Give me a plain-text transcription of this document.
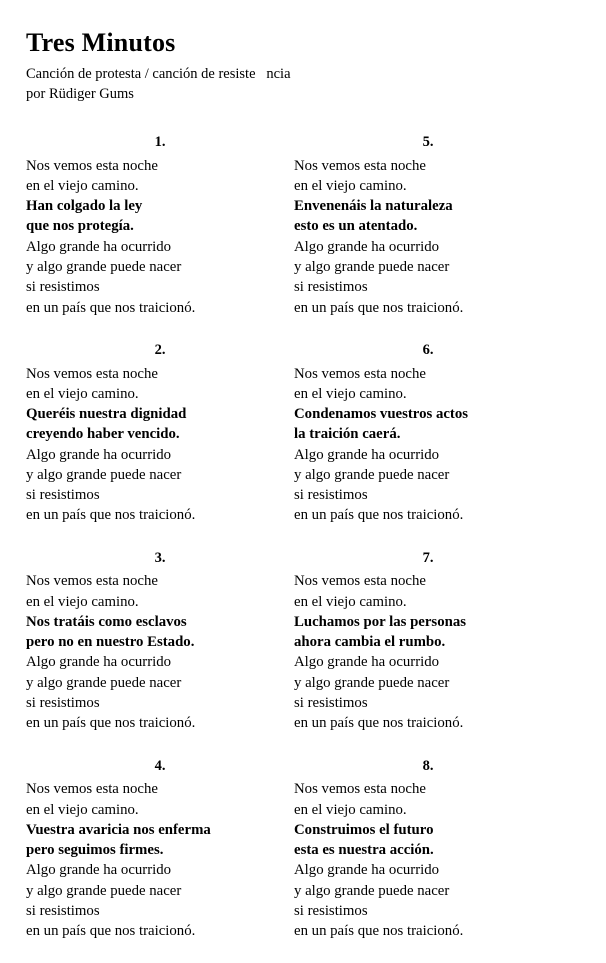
Tres Minutos
Canción de protesta / canción de resiste   ncia
por Rüdiger Gums
1.
Nos vemos esta noche
en el viejo camino.
Han colgado la ley
que nos protegía.
Algo grande ha ocurrido
y algo grande puede nacer
si resistimos
en un país que nos traicionó.
2.
Nos vemos esta noche
en el viejo camino.
Queréis nuestra dignidad
creyendo haber vencido.
Algo grande ha ocurrido
y algo grande puede nacer
si resistimos
en un país que nos traicionó.
3.
Nos vemos esta noche
en el viejo camino.
Nos tratáis como esclavos
pero no en nuestro Estado.
Algo grande ha ocurrido
y algo grande puede nacer
si resistimos
en un país que nos traicionó.
4.
Nos vemos esta noche
en el viejo camino.
Vuestra avaricia nos enferma
pero seguimos firmes.
Algo grande ha ocurrido
y algo grande puede nacer
si resistimos
en un país que nos traicionó.
5.
Nos vemos esta noche
en el viejo camino.
Envenenáis la naturaleza
esto es un atentado.
Algo grande ha ocurrido
y algo grande puede nacer
si resistimos
en un país que nos traicionó.
6.
Nos vemos esta noche
en el viejo camino.
Condenamos vuestros actos
la traición caerá.
Algo grande ha ocurrido
y algo grande puede nacer
si resistimos
en un país que nos traicionó.
7.
Nos vemos esta noche
en el viejo camino.
Luchamos por las personas
ahora cambia el rumbo.
Algo grande ha ocurrido
y algo grande puede nacer
si resistimos
en un país que nos traicionó.
8.
Nos vemos esta noche
en el viejo camino.
Construimos el futuro
esta es nuestra acción.
Algo grande ha ocurrido
y algo grande puede nacer
si resistimos
en un país que nos traicionó.
